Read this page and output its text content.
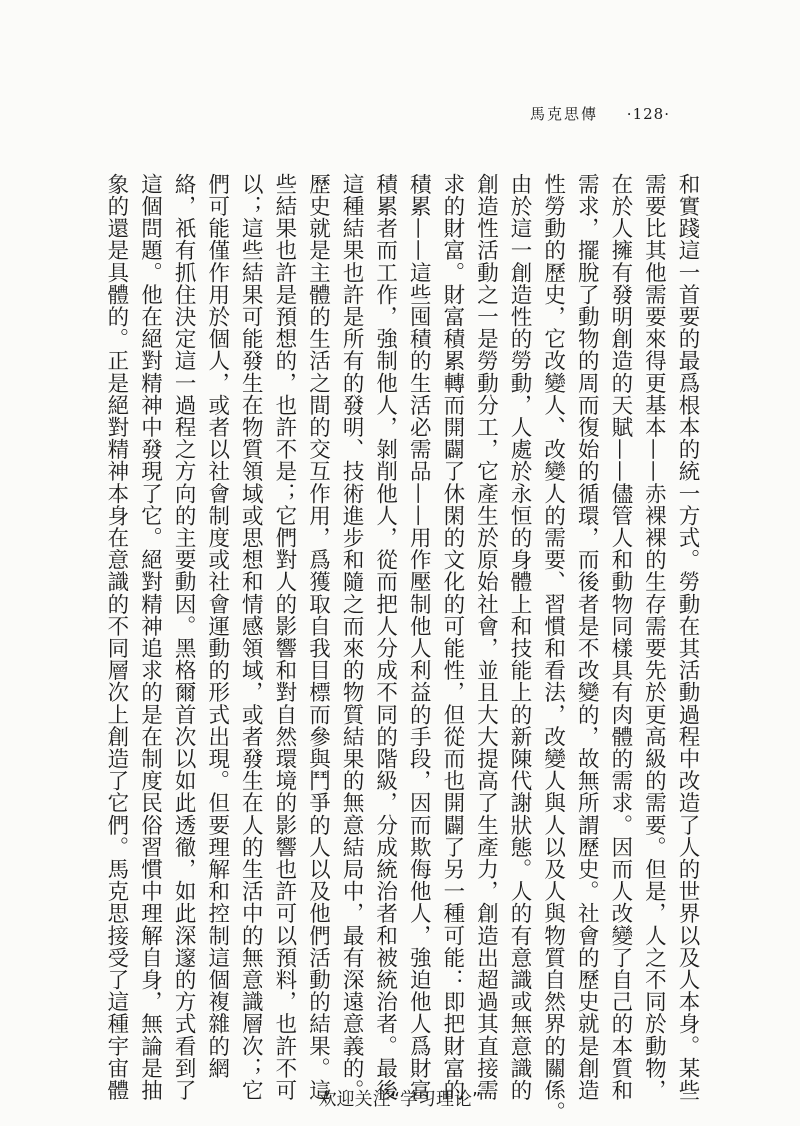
馬克思傳 ·128·
和實踐這一首要的最爲根本的統一方式。勞動在其活動過程中改造了人的世界以及人本身。某些
需要比其他需要來得更基本——赤裸裸的生存需要先於更高級的需要。但是，人之不同於動物，
在於人擁有發明創造的天賦——儘管人和動物同樣具有肉體的需求。因而人改變了自己的本質和
需求，擺脫了動物的周而復始的循環，而後者是不改變的，故無所謂歷史。社會的歷史就是創造
性勞動的歷史，它改變人、改變人的需要、習慣和看法，改變人與人以及人與物質自然界的關係。
由於這一創造性的勞動，人處於永恒的身體上和技能上的新陳代謝狀態。人的有意識或無意識的
創造性活動之一是勞動分工，它產生於原始社會，並且大大提高了生產力，創造出超過其直接需
求的財富。財富積累轉而開闢了休閑的文化的可能性，但從而也開闢了另一種可能：即把財富的
積累——這些囤積的生活必需品——用作壓制他人利益的手段，因而欺侮他人，強迫他人爲財富
積累者而工作，強制他人，剝削他人，從而把人分成不同的階級，分成統治者和被統治者。最後
這種結果也許是所有的發明、技術進步和隨之而來的物質結果的無意結局中，最有深遠意義的。
歷史就是主體的生活之間的交互作用，爲獲取自我目標而參與鬥爭的人以及他們活動的結果。這
些結果也許是預想的，也許不是；它們對人的影響和對自然環境的影響也許可以預料，也許不可
以；這些結果可能發生在物質領域或思想和情感領域，或者發生在人的生活中的無意識層次；它
們可能僅作用於個人，或者以社會制度或社會運動的形式出現。但要理解和控制這個複雜的網
絡，祇有抓住決定這一過程之方向的主要動因。黑格爾首次以如此透徹，如此深邃的方式看到了
這個問題。他在絕對精神中發現了它。絕對精神追求的是在制度民俗習慣中理解自身，無論是抽
象的還是具體的。正是絕對精神本身在意識的不同層次上創造了它們。馬克思接受了這種宇宙體	欢迎关注“学习理论”
